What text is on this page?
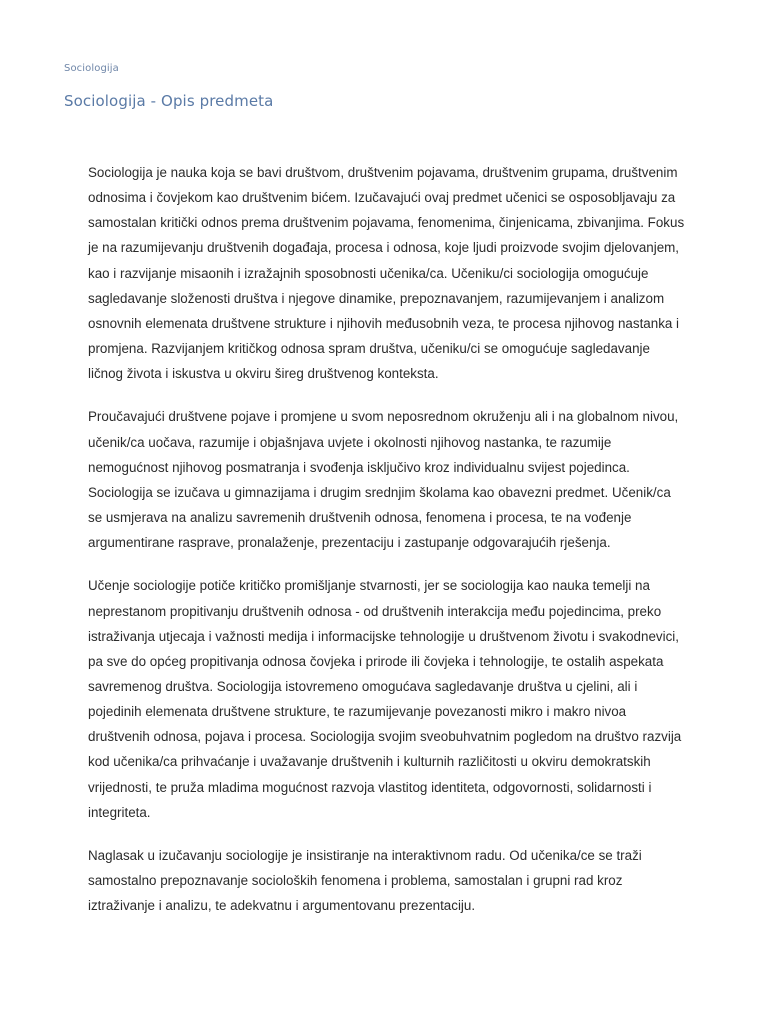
Sociologija
Sociologija - Opis predmeta

Sociologija je nauka koja se bavi društvom, društvenim pojavama, društvenim grupama, društvenim odnosima i čovjekom kao društvenim bićem. Izučavajući ovaj predmet učenici se osposobljavaju za samostalan kritički odnos prema društvenim pojavama, fenomenima, činjenicama, zbivanjima. Fokus je na razumijevanju društvenih događaja, procesa i odnosa, koje ljudi proizvode svojim djelovanjem, kao i razvijanje misaonih i izražajnih sposobnosti učenika/ca. Učeniku/ci sociologija omogućuje sagledavanje složenosti društva i njegove dinamike, prepoznavanjem, razumijevanjem i analizom osnovnih elemenata društvene strukture i njihovih međusobnih veza, te procesa njihovog nastanka i promjena. Razvijanjem kritičkog odnosa spram društva, učeniku/ci se omogućuje sagledavanje ličnog života i iskustva u okviru šireg društvenog konteksta.

Proučavajući društvene pojave i promjene u svom neposrednom okruženju ali i na globalnom nivou, učenik/ca uočava, razumije i objašnjava uvjete i okolnosti njihovog nastanka, te razumije nemogućnost njihovog posmatranja i svođenja isključivo kroz individualnu svijest pojedinca. Sociologija se izučava u gimnazijama i drugim srednjim školama kao obavezni predmet. Učenik/ca se usmjerava na analizu savremenih društvenih odnosa, fenomena i procesa, te na vođenje argumentirane rasprave, pronalaženje, prezentaciju i zastupanje odgovarajućih rješenja.

Učenje sociologije potiče kritičko promišljanje stvarnosti, jer se sociologija kao nauka temelji na neprestanom propitivanju društvenih odnosa - od društvenih interakcija među pojedincima, preko istraživanja utjecaja i važnosti medija i informacijske tehnologije u društvenom životu i svakodnevici, pa sve do općeg propitivanja odnosa čovjeka i prirode ili čovjeka i tehnologije, te ostalih aspekata savremenog društva. Sociologija istovremeno omogućava sagledavanje društva u cjelini, ali i pojedinih elemenata društvene strukture, te razumijevanje povezanosti mikro i makro nivoa društvenih odnosa, pojava i procesa. Sociologija svojim sveobuhvatnim pogledom na društvo razvija kod učenika/ca prihvaćanje i uvažavanje društvenih i kulturnih različitosti u okviru demokratskih vrijednosti, te pruža mladima mogućnost razvoja vlastitog identiteta, odgovornosti, solidarnosti i integriteta.

Naglasak u izučavanju sociologije je insistiranje na interaktivnom radu. Od učenika/ce se traži samostalno prepoznavanje socioloških fenomena i problema, samostalan i grupni rad kroz iztraživanje i analizu, te adekvatnu i argumentovanu prezentaciju.
